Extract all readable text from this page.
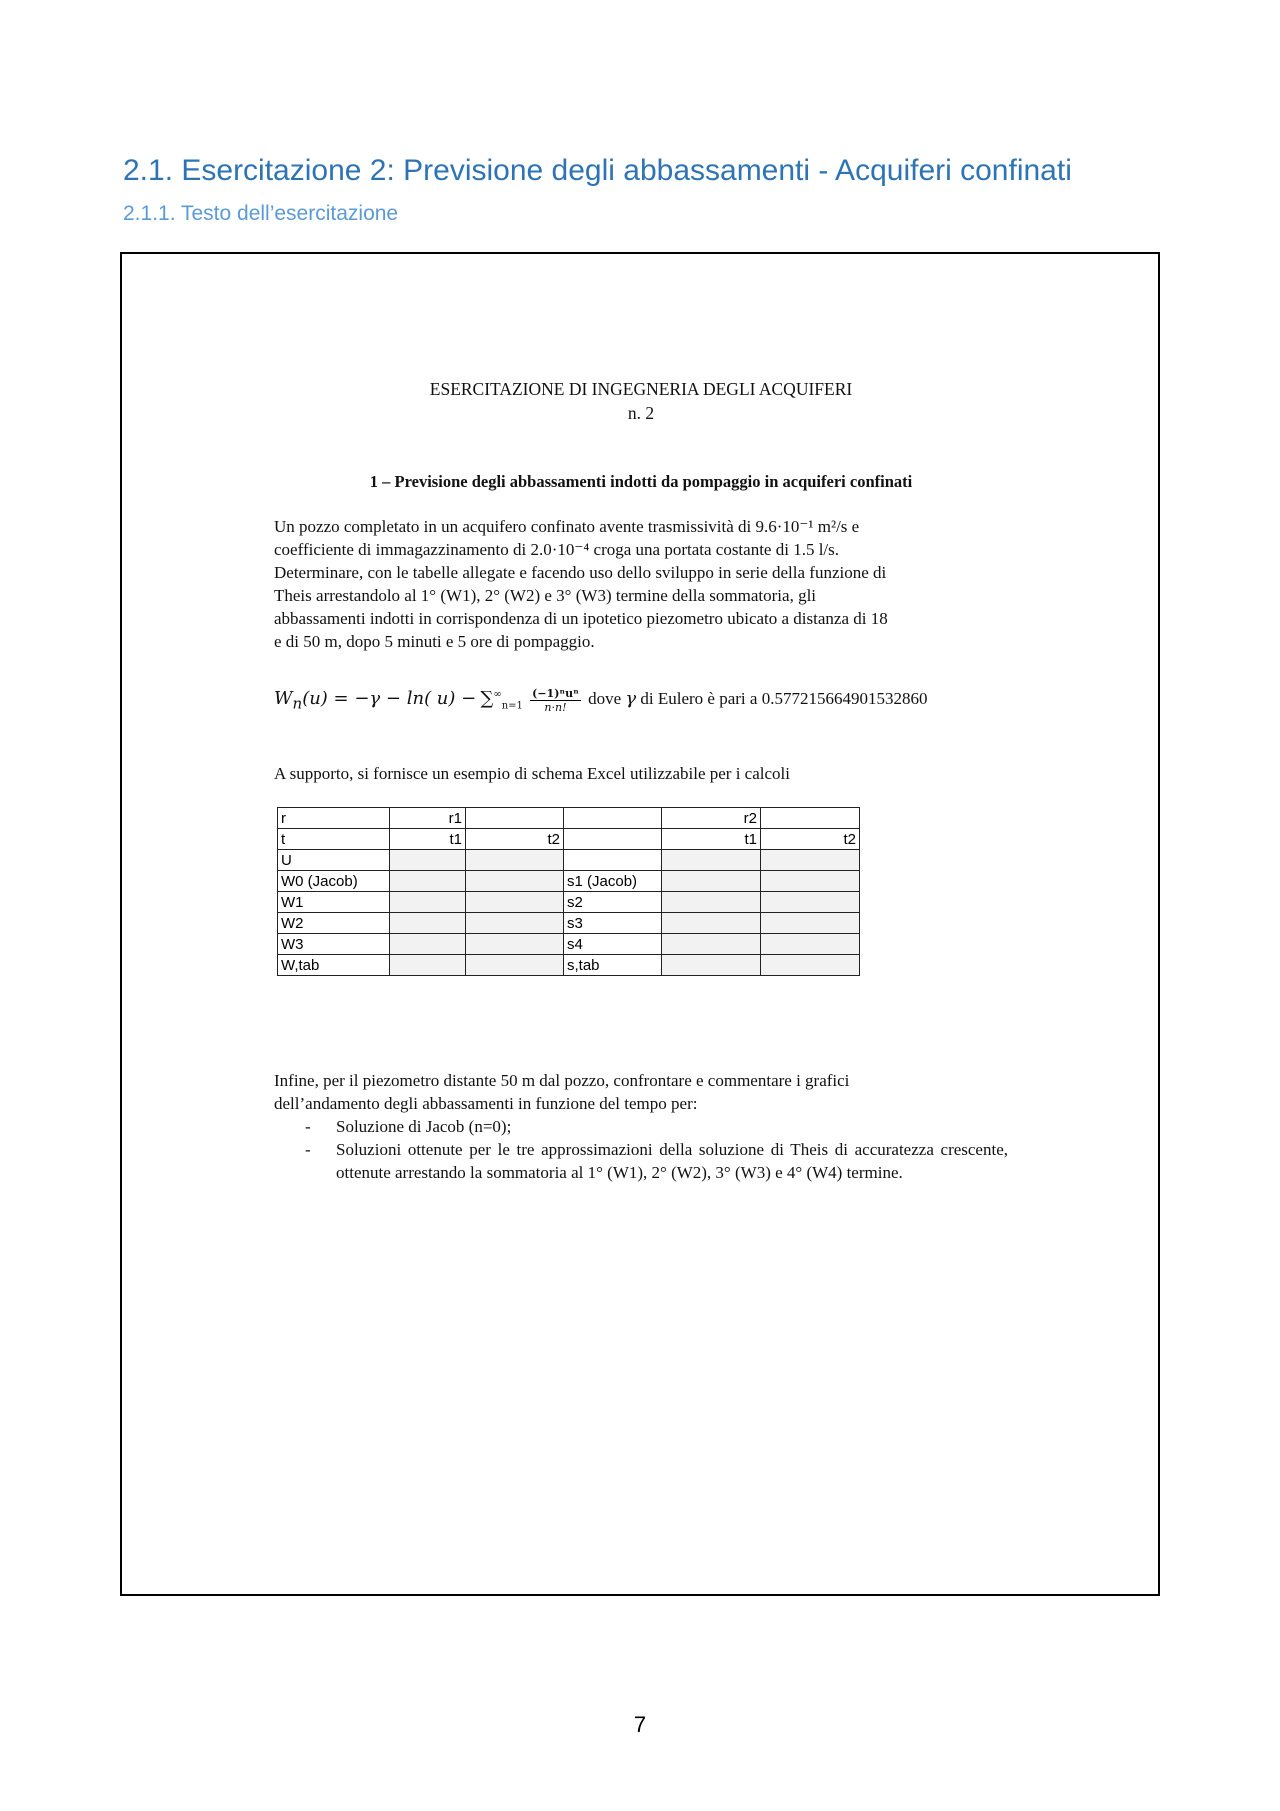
2.1. Esercitazione 2: Previsione degli abbassamenti - Acquiferi confinati
2.1.1. Testo dell’esercitazione
ESERCITAZIONE DI INGEGNERIA DEGLI ACQUIFERI
n. 2
1 – Previsione degli abbassamenti indotti da pompaggio in acquiferi confinati
Un pozzo completato in un acquifero confinato avente trasmissività di 9.6·10⁻¹ m²/s e
coefficiente di immagazzinamento di 2.0·10⁻⁴ croga una portata costante di 1.5 l/s.
Determinare, con le tabelle allegate e facendo uso dello sviluppo in serie della funzione di
Theis arrestandolo al 1° (W1), 2° (W2) e 3° (W3) termine della sommatoria, gli
abbassamenti indotti in corrispondenza di un ipotetico piezometro ubicato a distanza di 18
e di 50 m, dopo 5 minuti e 5 ore di pompaggio.
$W_n(u) = -\gamma - \ln$( $u) - \sum^\infty_{n=1} \frac{\text{(−1)ⁿuⁿ}}{n\cdot n!}$ dove γ di Eulero è pari a 0.577215664901532860
A supporto, si fornisce un esempio di schema Excel utilizzabile per i calcoli
r	r1			r2	
t	t1	t2		t1	t2
U					
W0 (Jacob)			s1 (Jacob)		
W1			s2		
W2			s3		
W3			s4		
W,tab			s,tab		
Infine, per il piezometro distante 50 m dal pozzo, confrontare e commentare i grafici
dell’andamento degli abbassamenti in funzione del tempo per:
- Soluzione di Jacob (n=0);
- Soluzioni ottenute per le tre approssimazioni della soluzione di Theis di accuratezza crescente, ottenute arrestando la sommatoria al 1° (W1), 2° (W2), 3° (W3) e 4° (W4) termine.
7
